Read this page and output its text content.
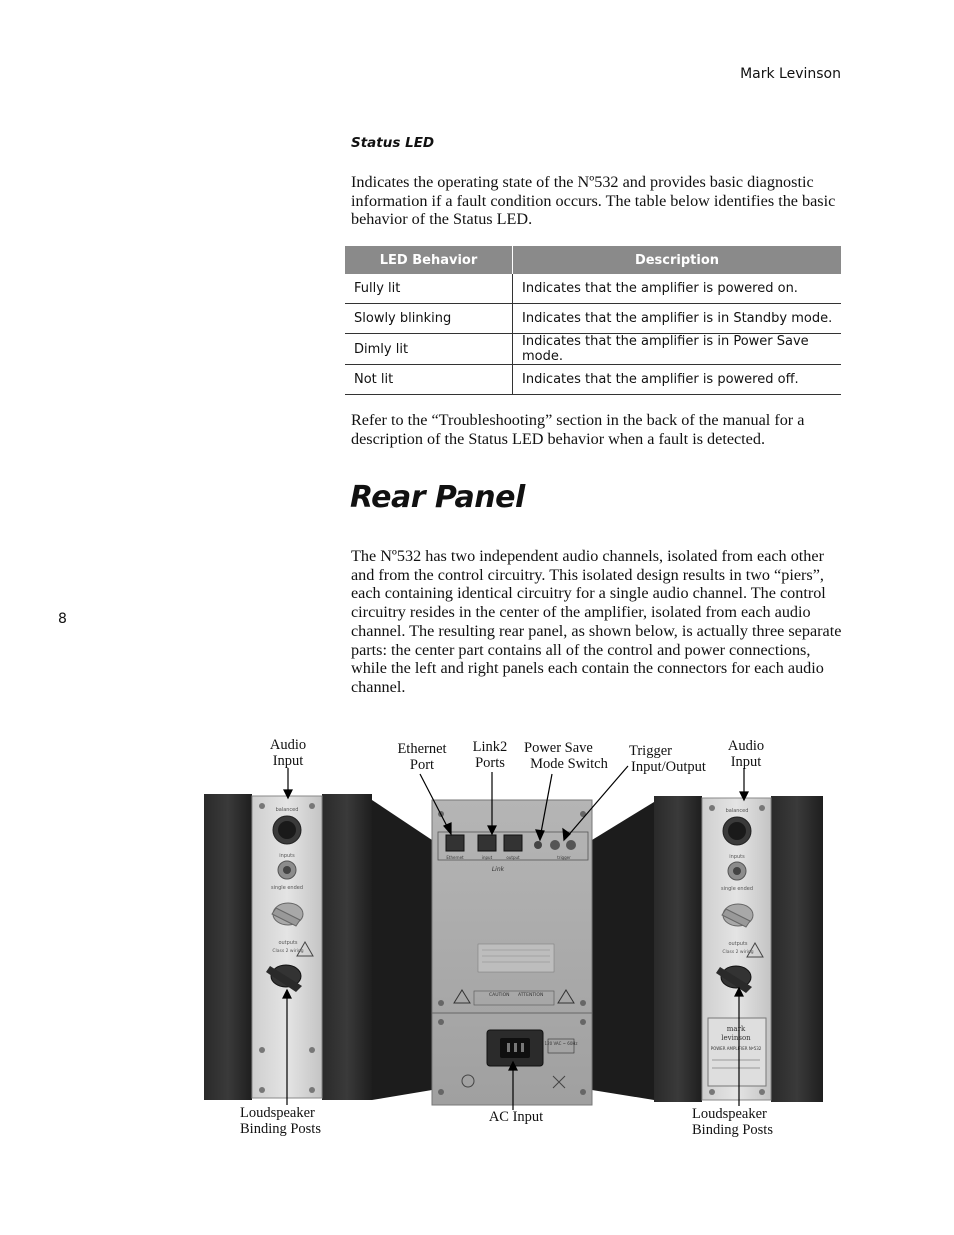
Mark Levinson
8
Status LED

Indicates the operating state of the Nº532 and provides basic diagnostic information if a fault condition occurs. The table below identifies the basic behavior of the Status LED.

LED Behavior	Description
Fully lit	Indicates that the amplifier is powered on.
Slowly blinking	Indicates that the amplifier is in Standby mode.
Dimly lit	Indicates that the amplifier is in Power Save mode.
Not lit	Indicates that the amplifier is powered off.

Refer to the “Troubleshooting” section in the back of the manual for a description of the Status LED behavior when a fault is detected.

Rear Panel

The Nº532 has two independent audio channels, isolated from each other and from the control circuitry. This isolated design results in two “piers”, each containing identical circuitry for a single audio channel. The control circuitry resides in the center of the amplifier, isolated from each audio channel. The resulting rear panel, as shown below, is actually three separate parts: the center part contains all of the control and power connections, while the left and right panels each contain the connectors for each audio channel.

Audio
Input
Ethernet
Port
Link2
Ports
Power Save
Mode Switch
Trigger
Input/Output
Audio
Input
Loudspeaker
Binding Posts
AC Input	Loudspeaker
Binding Posts
balanced
inputs
single ended
outputs
Class 2 wiring
balanced
inputs
single ended
outputs
Class 2 wiring
mark
levinson
POWER AMPLIFIER Nº532
Ethernet	input	output	trigger
Link
CAUTION ATTENTION
120 VAC ~ 60Hz
